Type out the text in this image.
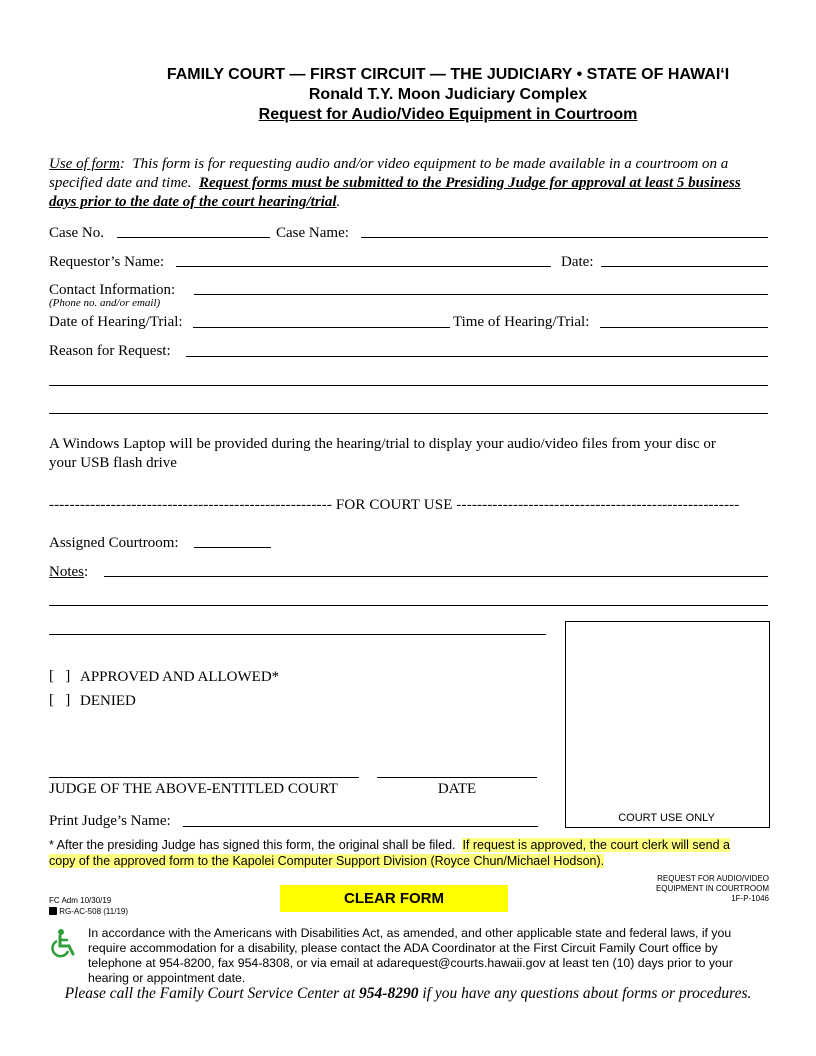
FAMILY COURT — FIRST CIRCUIT — THE JUDICIARY • STATE OF HAWAI‘I
Ronald T.Y. Moon Judiciary Complex
Request for Audio/Video Equipment in Courtroom
Use of form: This form is for requesting audio and/or video equipment to be made available in a courtroom on a
specified date and time. Request forms must be submitted to the Presiding Judge for approval at least 5 business
days prior to the date of the court hearing/trial.
Case No.	Case Name:
Requestor’s Name:	Date:
Contact Information:
(Phone no. and/or email)
Date of Hearing/Trial:	Time of Hearing/Trial:
Reason for Request:
A Windows Laptop will be provided during the hearing/trial to display your audio/video files from your disc or
your USB flash drive
------------------------------------------------------- FOR COURT USE -------------------------------------------------------
Assigned Courtroom:
Notes:
COURT USE ONLY
[   ] APPROVED AND ALLOWED*
[   ] DENIED
JUDGE OF THE ABOVE-ENTITLED COURT	DATE
Print Judge’s Name:
* After the presiding Judge has signed this form, the original shall be filed. If request is approved, the court clerk will send a
copy of the approved form to the Kapolei Computer Support Division (Royce Chun/Michael Hodson).
FC Adm 10/30/19
RG-AC-508 (11/19)
CLEAR FORM
REQUEST FOR AUDIO/VIDEO
EQUIPMENT IN COURTROOM
1F-P-1046
In accordance with the Americans with Disabilities Act, as amended, and other applicable state and federal laws, if you
require accommodation for a disability, please contact the ADA Coordinator at the First Circuit Family Court office by
telephone at 954-8200, fax 954-8308, or via email at adarequest@courts.hawaii.gov at least ten (10) days prior to your
hearing or appointment date.
Please call the Family Court Service Center at 954-8290 if you have any questions about forms or procedures.
